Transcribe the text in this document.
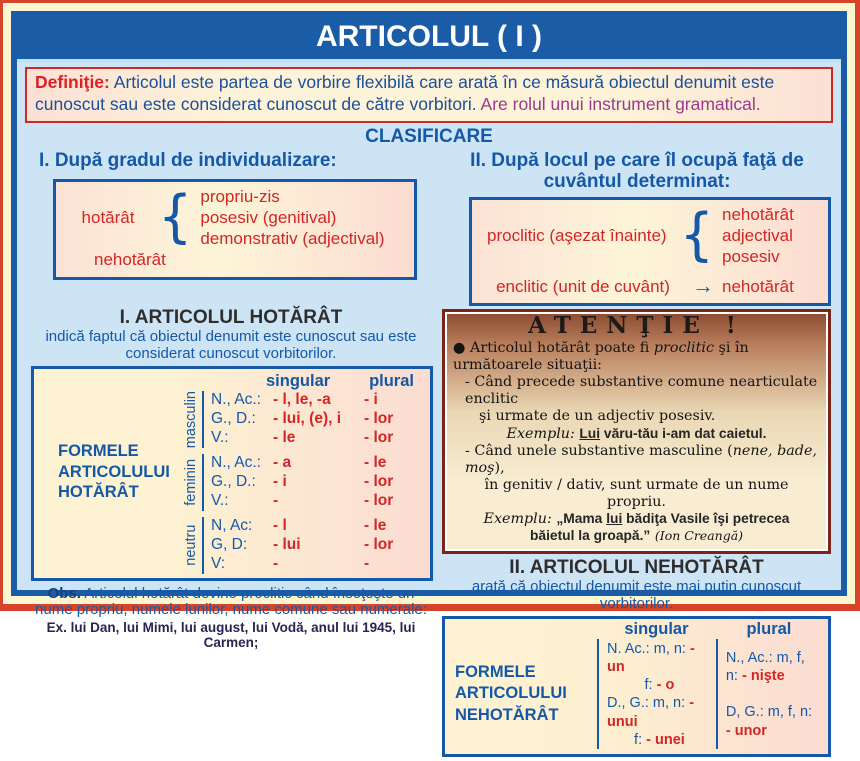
ARTICOLUL ( I )
Definiţie: Articolul este partea de vorbire flexibilă care arată în ce măsură obiectul denumit este cunoscut sau este considerat cunoscut de către vorbitori. Are rolul unui instrument gramatical.
CLASIFICARE
I. După gradul de individualizare:
hotărât { propriu-zis
posesiv (genitival)
demonstrativ (adjectival)
nehotărât
II. După locul pe care îl ocupă faţă de cuvântul determinat:
proclitic (aşezat înainte) { nehotărât
adjectival
posesiv
enclitic (unit de cuvânt)	→ nehotărât
I. ARTICOLUL HOTĂRÂT
indică faptul că obiectul denumit este cunoscut sau este considerat cunoscut vorbitorilor.
FORMELE
ARTICOLULUI
HOTĂRÂT
singular plural
masculin N., Ac.: - l, le, -a	- i
G., D.:	- lui, (e), i	- lor
V.:	- le	- lor
feminin N., Ac.: - a	- le
G., D.:	- i	- lor
V.:	-	- lor
neutru N, Ac:	- l	- le
G, D:	- lui	- lor
V:	-	-
Obs. Articolul hotărât devine proclitic când însoţeşte un
nume propriu, numele lunilor, nume comune sau numerale:
Ex. lui Dan, lui Mimi, lui august, lui Vodă, anul lui 1945, lui Carmen;
ATENŢIE !
● Articolul hotărât poate fi proclitic şi în următoarele situaţii:
- Când precede substantive comune nearticulate enclitic
şi urmate de un adjectiv posesiv.
Exemplu: Lui văru-tău i-am dat caietul.
- Când unele substantive masculine (nene, bade, moş),
în genitiv / dativ, sunt urmate de un nume propriu.
Exemplu: „Mama lui bădiţa Vasile îşi petrecea
băietul la groapă.” (Ion Creangă)
II. ARTICOLUL NEHOTĂRÂT
arată că obiectul denumit este mai puţin cunoscut vorbitorilor.
singular	plural
FORMELE
ARTICOLULUI
NEHOTĂRÂT
N. Ac.: m, n: - un
f: - o
D., G.: m, n: - unui
f: - unei
N., Ac.: m, f, n: - nişte
D, G.: m, f, n: - unor
